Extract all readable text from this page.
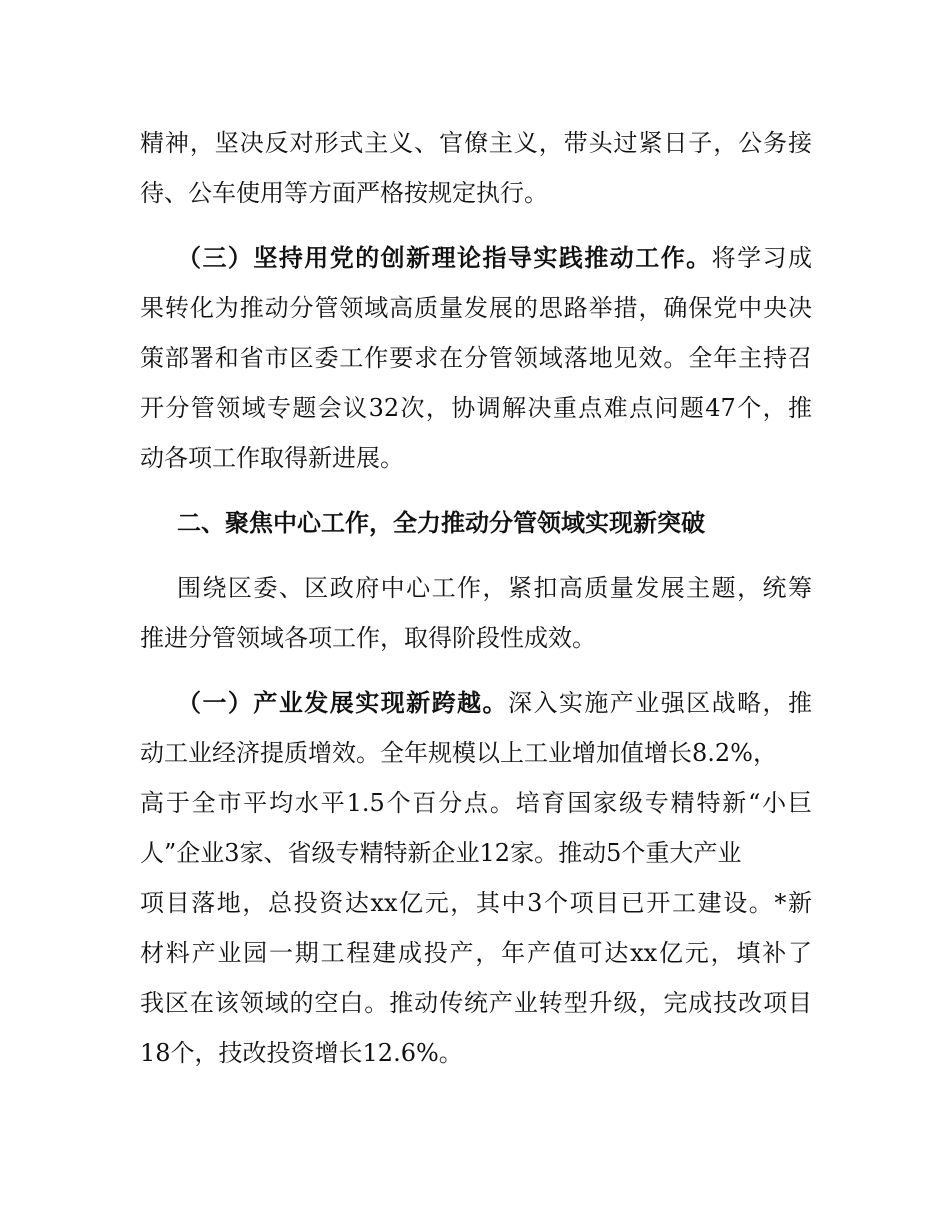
精神，坚决反对形式主义、官僚主义，带头过紧日子，公务接
待、公车使用等方面严格按规定执行。
（三）坚持用党的创新理论指导实践推动工作。将学习成
果转化为推动分管领域高质量发展的思路举措，确保党中央决
策部署和省市区委工作要求在分管领域落地见效。全年主持召
开分管领域专题会议32次，协调解决重点难点问题47个，推
动各项工作取得新进展。
二、聚焦中心工作，全力推动分管领域实现新突破
围绕区委、区政府中心工作，紧扣高质量发展主题，统筹
推进分管领域各项工作，取得阶段性成效。
（一）产业发展实现新跨越。深入实施产业强区战略，推
动工业经济提质增效。全年规模以上工业增加值增长8.2%，
高于全市平均水平1.5个百分点。培育国家级专精特新“小巨
人”企业3家、省级专精特新企业12家。推动5个重大产业
项目落地，总投资达xx亿元，其中3个项目已开工建设。*新
材料产业园一期工程建成投产，年产值可达xx亿元，填补了
我区在该领域的空白。推动传统产业转型升级，完成技改项目
18个，技改投资增长12.6%。
